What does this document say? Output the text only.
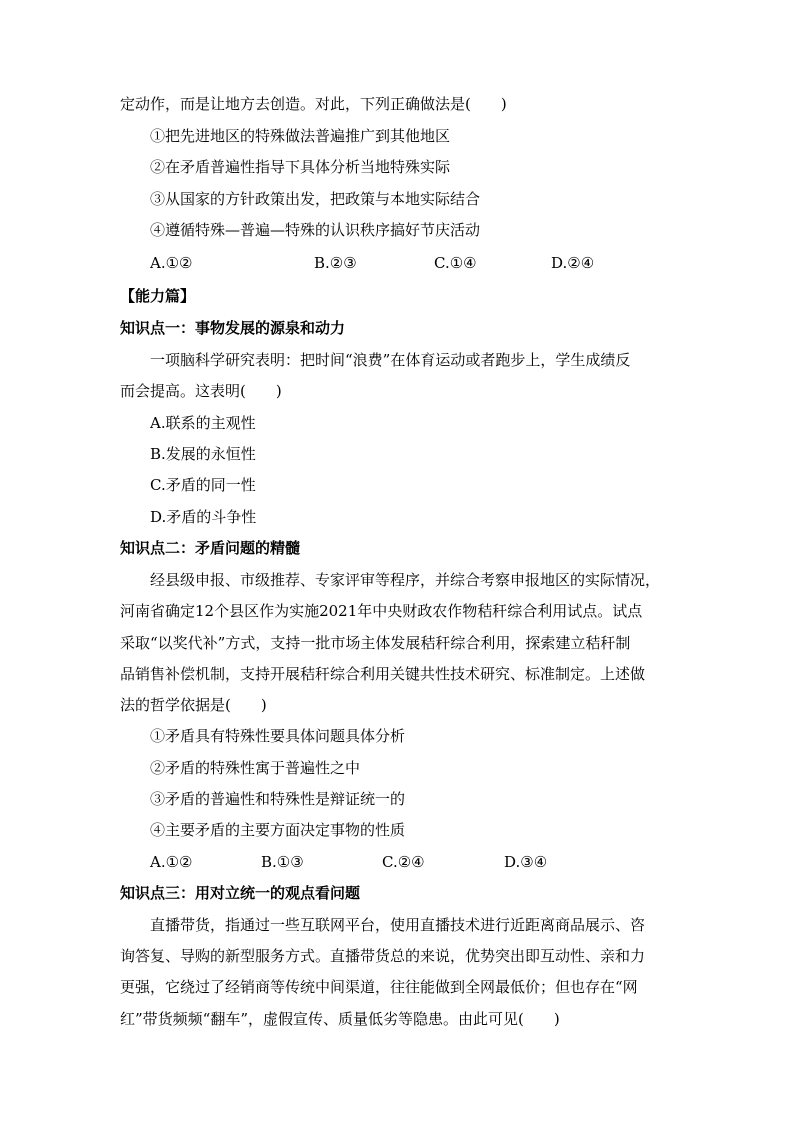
定动作，而是让地方去创造。对此，下列正确做法是(　　)
①把先进地区的特殊做法普遍推广到其他地区
②在矛盾普遍性指导下具体分析当地特殊实际
③从国家的方针政策出发，把政策与本地实际结合
④遵循特殊—普遍—特殊的认识秩序搞好节庆活动
A.①②	B.②③	C.①④	D.②④
【能力篇】
知识点一：事物发展的源泉和动力
一项脑科学研究表明：把时间“浪费”在体育运动或者跑步上，学生成绩反
而会提高。这表明(　　)
A.联系的主观性
B.发展的永恒性
C.矛盾的同一性
D.矛盾的斗争性
知识点二：矛盾问题的精髓
经县级申报、市级推荐、专家评审等程序，并综合考察申报地区的实际情况，
河南省确定12个县区作为实施2021年中央财政农作物秸秆综合利用试点。试点
采取“以奖代补”方式，支持一批市场主体发展秸秆综合利用，探索建立秸秆制
品销售补偿机制，支持开展秸秆综合利用关键共性技术研究、标准制定。上述做
法的哲学依据是(　　)
①矛盾具有特殊性要具体问题具体分析
②矛盾的特殊性寓于普遍性之中
③矛盾的普遍性和特殊性是辩证统一的
④主要矛盾的主要方面决定事物的性质
A.①②	B.①③	C.②④	D.③④
知识点三：用对立统一的观点看问题
直播带货，指通过一些互联网平台，使用直播技术进行近距离商品展示、咨
询答复、导购的新型服务方式。直播带货总的来说，优势突出即互动性、亲和力
更强，它绕过了经销商等传统中间渠道，往往能做到全网最低价；但也存在“网
红”带货频频“翻车”，虚假宣传、质量低劣等隐患。由此可见(　　)
